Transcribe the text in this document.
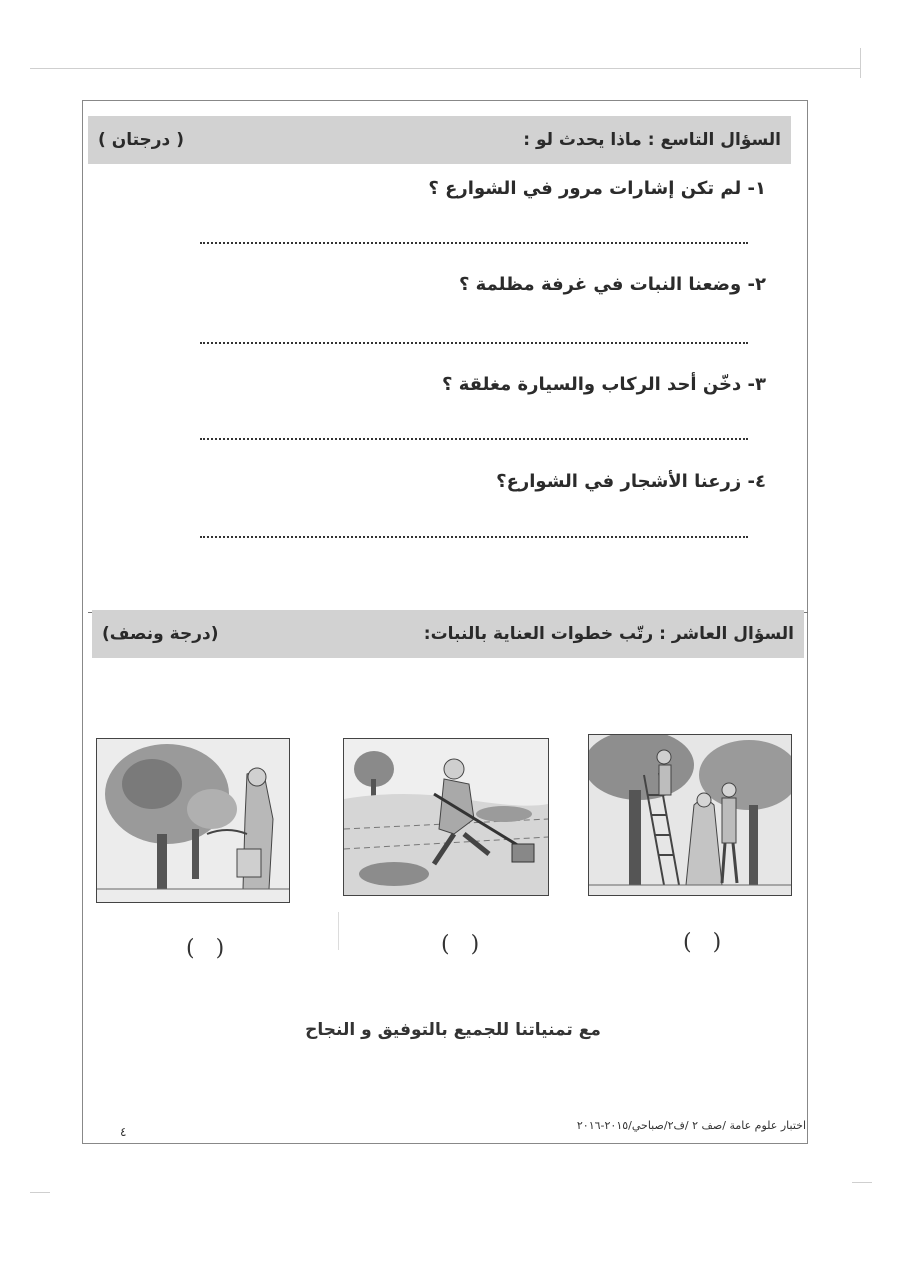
السؤال التاسع : ماذا يحدث لو :
( درجتان )
١- لم تكن إشارات مرور في الشوارع ؟
٢- وضعنا النبات في غرفة مظلمة ؟
٣- دخّن أحد الركاب والسيارة مغلقة ؟
٤- زرعنا الأشجار في الشوارع؟
السؤال العاشر : رتّب خطوات العناية بالنبات:
(درجة ونصف)
(   )	(   )	(   )
مع تمنياتنا للجميع بالتوفيق و النجاح
اختبار علوم عامة /صف ٢ /ف٢/صباحي/٢٠١٥-٢٠١٦
٤
